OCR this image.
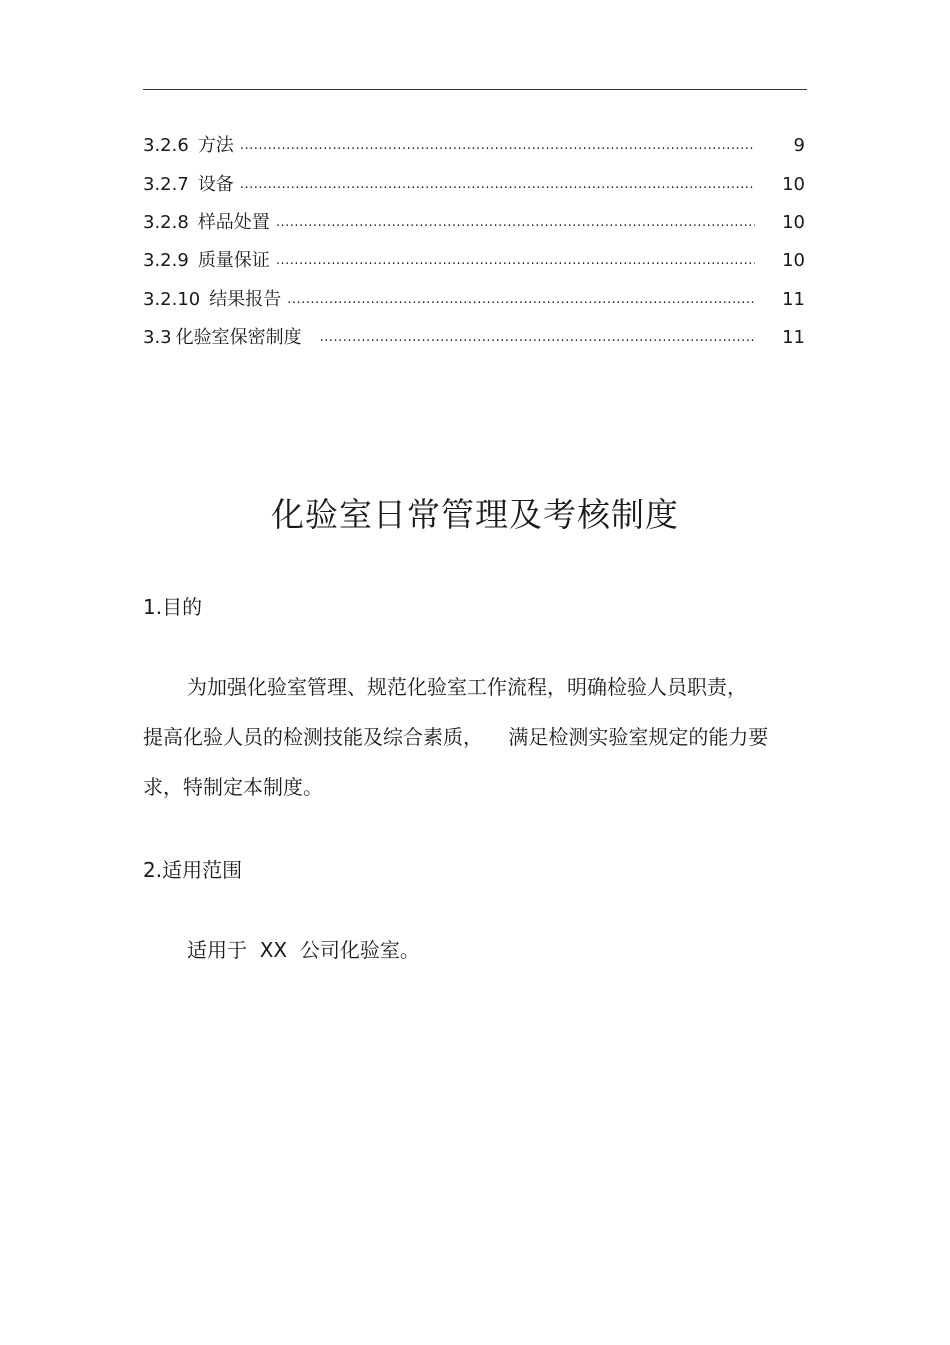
3.2.6 方法 .....	9
3.2.7 设备 .....	10
3.2.8 样品处置 .....	10
3.2.9 质量保证 .....	10
3.2.10 结果报告 .....	11
3.3 化验室保密制度 .....	11
化验室日常管理及考核制度
1.目的
为加强化验室管理、规范化验室工作流程，明确检验人员职责，
提高化验人员的检测技能及综合素质，    满足检测实验室规定的能力要
求，特制定本制度。
2.适用范围
适用于  XX  公司化验室。
